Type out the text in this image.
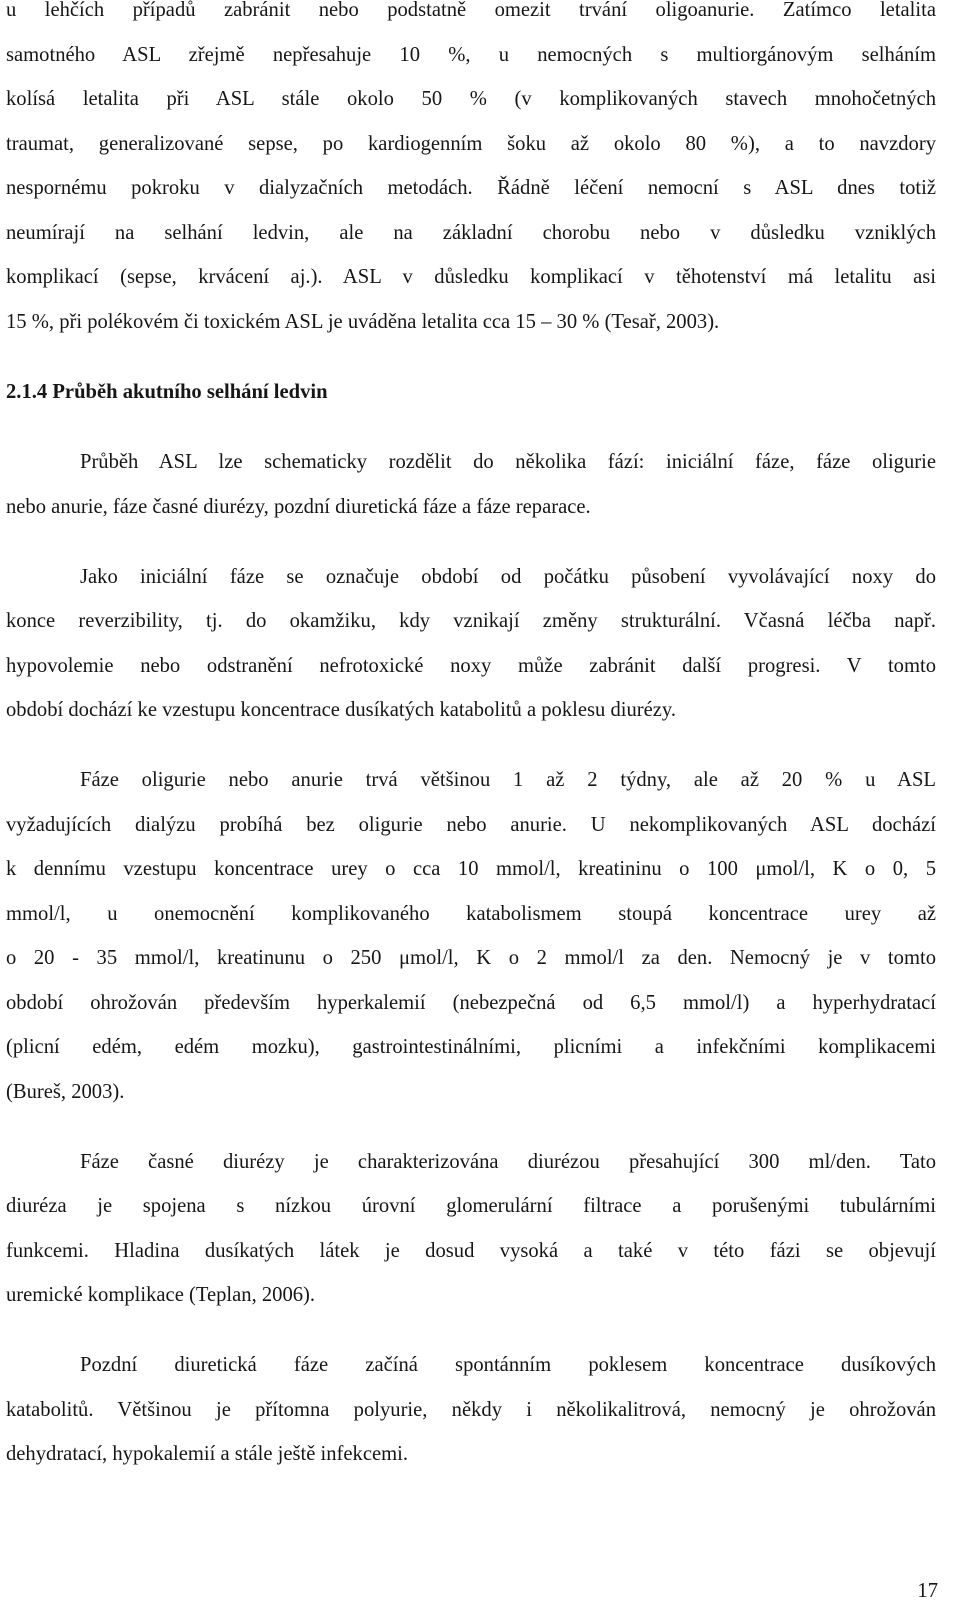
u lehčích případů zabránit nebo podstatně omezit trvání oligoanurie. Zatímco letalita
samotného ASL zřejmě nepřesahuje 10 %, u nemocných s multiorgánovým selháním
kolísá letalita při ASL stále okolo 50 % (v komplikovaných stavech mnohočetných
traumat, generalizované sepse, po kardiogenním šoku až okolo 80 %), a to navzdory
nespornému pokroku v dialyzačních metodách. Řádně léčení nemocní s ASL dnes totiž
neumírají na selhání ledvin, ale na základní chorobu nebo v důsledku vzniklých
komplikací (sepse, krvácení aj.). ASL v důsledku komplikací v těhotenství má letalitu asi
15 %, při polékovém či toxickém ASL je uváděna letalita cca 15 – 30 % (Tesař, 2003).
2.1.4 Průběh akutního selhání ledvin
Průběh ASL lze schematicky rozdělit do několika fází: iniciální fáze, fáze oligurie
nebo anurie, fáze časné diurézy, pozdní diuretická fáze a fáze reparace.
Jako iniciální fáze se označuje období od počátku působení vyvolávající noxy do
konce reverzibility, tj. do okamžiku, kdy vznikají změny strukturální. Včasná léčba např.
hypovolemie nebo odstranění nefrotoxické noxy může zabránit další progresi. V tomto
období dochází ke vzestupu koncentrace dusíkatých katabolitů a poklesu diurézy.
Fáze oligurie nebo anurie trvá většinou 1 až 2 týdny, ale až 20 % u ASL
vyžadujících dialýzu probíhá bez oligurie nebo anurie. U nekomplikovaných ASL dochází
k dennímu vzestupu koncentrace urey o cca 10 mmol/l, kreatininu o 100 μmol/l, K o 0, 5
mmol/l, u onemocnění komplikovaného katabolismem stoupá koncentrace urey až
o 20 - 35 mmol/l, kreatinunu o 250 μmol/l, K o 2 mmol/l za den. Nemocný je v tomto
období ohrožován především hyperkalemií (nebezpečná od 6,5 mmol/l) a hyperhydratací
(plicní edém, edém mozku), gastrointestinálními, plicními a infekčními komplikacemi
(Bureš, 2003).
Fáze časné diurézy je charakterizována diurézou přesahující 300 ml/den. Tato
diuréza je spojena s nízkou úrovní glomerulární filtrace a porušenými tubulárními
funkcemi. Hladina dusíkatých látek je dosud vysoká a také v této fázi se objevují
uremické komplikace (Teplan, 2006).
Pozdní diuretická fáze začíná spontánním poklesem koncentrace dusíkových
katabolitů. Většinou je přítomna polyurie, někdy i několikalitrová, nemocný je ohrožován
dehydratací, hypokalemií a stále ještě infekcemi.
17
